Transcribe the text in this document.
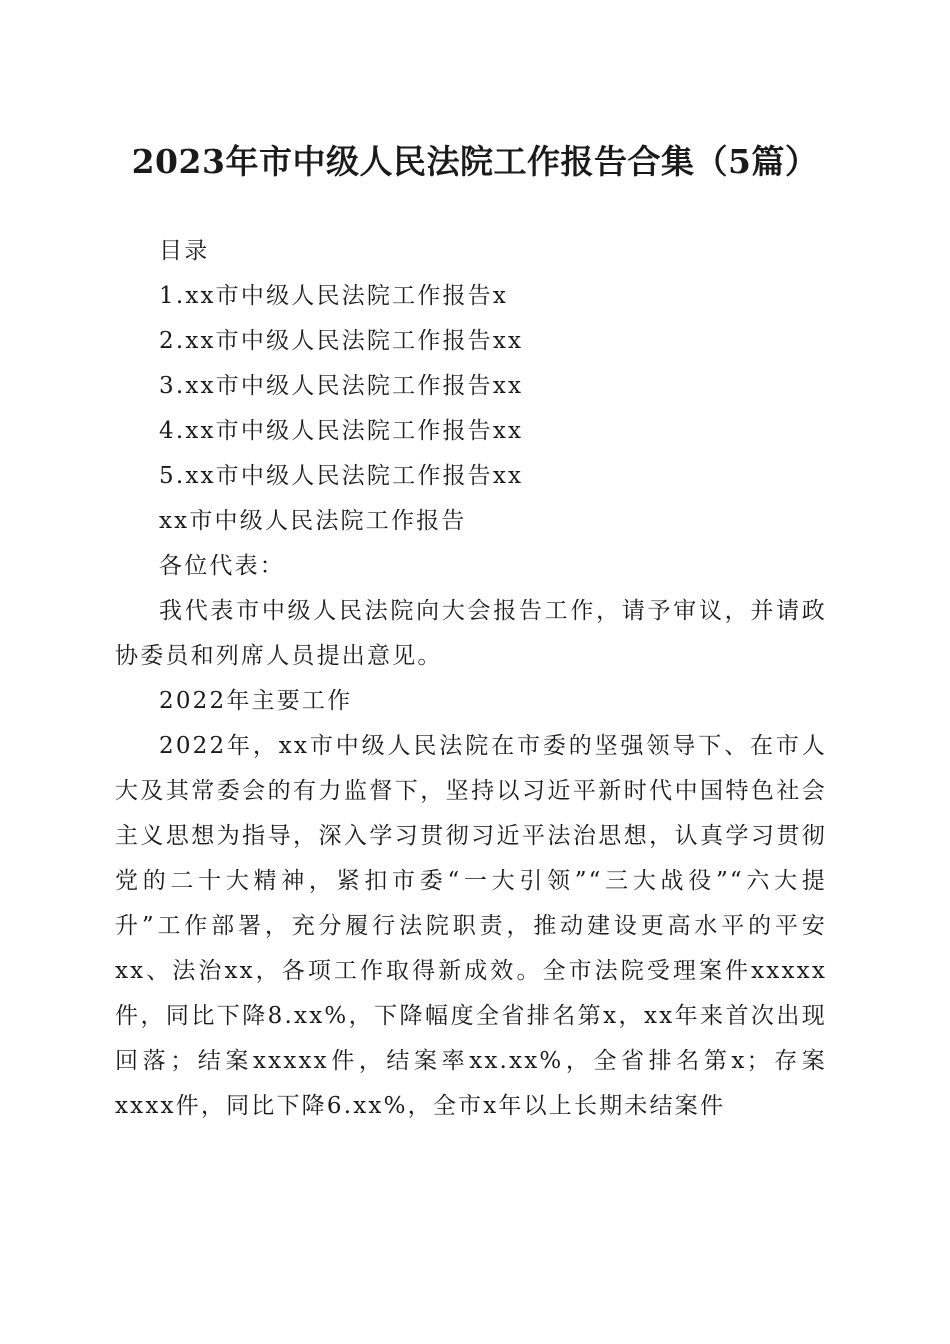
2023年市中级人民法院工作报告合集（5篇）

目录

1.xx市中级人民法院工作报告x

2.xx市中级人民法院工作报告xx

3.xx市中级人民法院工作报告xx

4.xx市中级人民法院工作报告xx

5.xx市中级人民法院工作报告xx

xx市中级人民法院工作报告

各位代表：

我代表市中级人民法院向大会报告工作，请予审议，并请政协委员和列席人员提出意见。

2022年主要工作

2022年，xx市中级人民法院在市委的坚强领导下、在市人大及其常委会的有力监督下，坚持以习近平新时代中国特色社会主义思想为指导，深入学习贯彻习近平法治思想，认真学习贯彻党的二十大精神，紧扣市委“一大引领”“三大战役”“六大提升”工作部署，充分履行法院职责，推动建设更高水平的平安xx、法治xx，各项工作取得新成效。全市法院受理案件xxxxx件，同比下降8.xx%，下降幅度全省排名第x，xx年来首次出现回落；结案xxxxx件，结案率xx.xx%，全省排名第x；存案xxxx件，同比下降6.xx%，全市x年以上长期未结案件
